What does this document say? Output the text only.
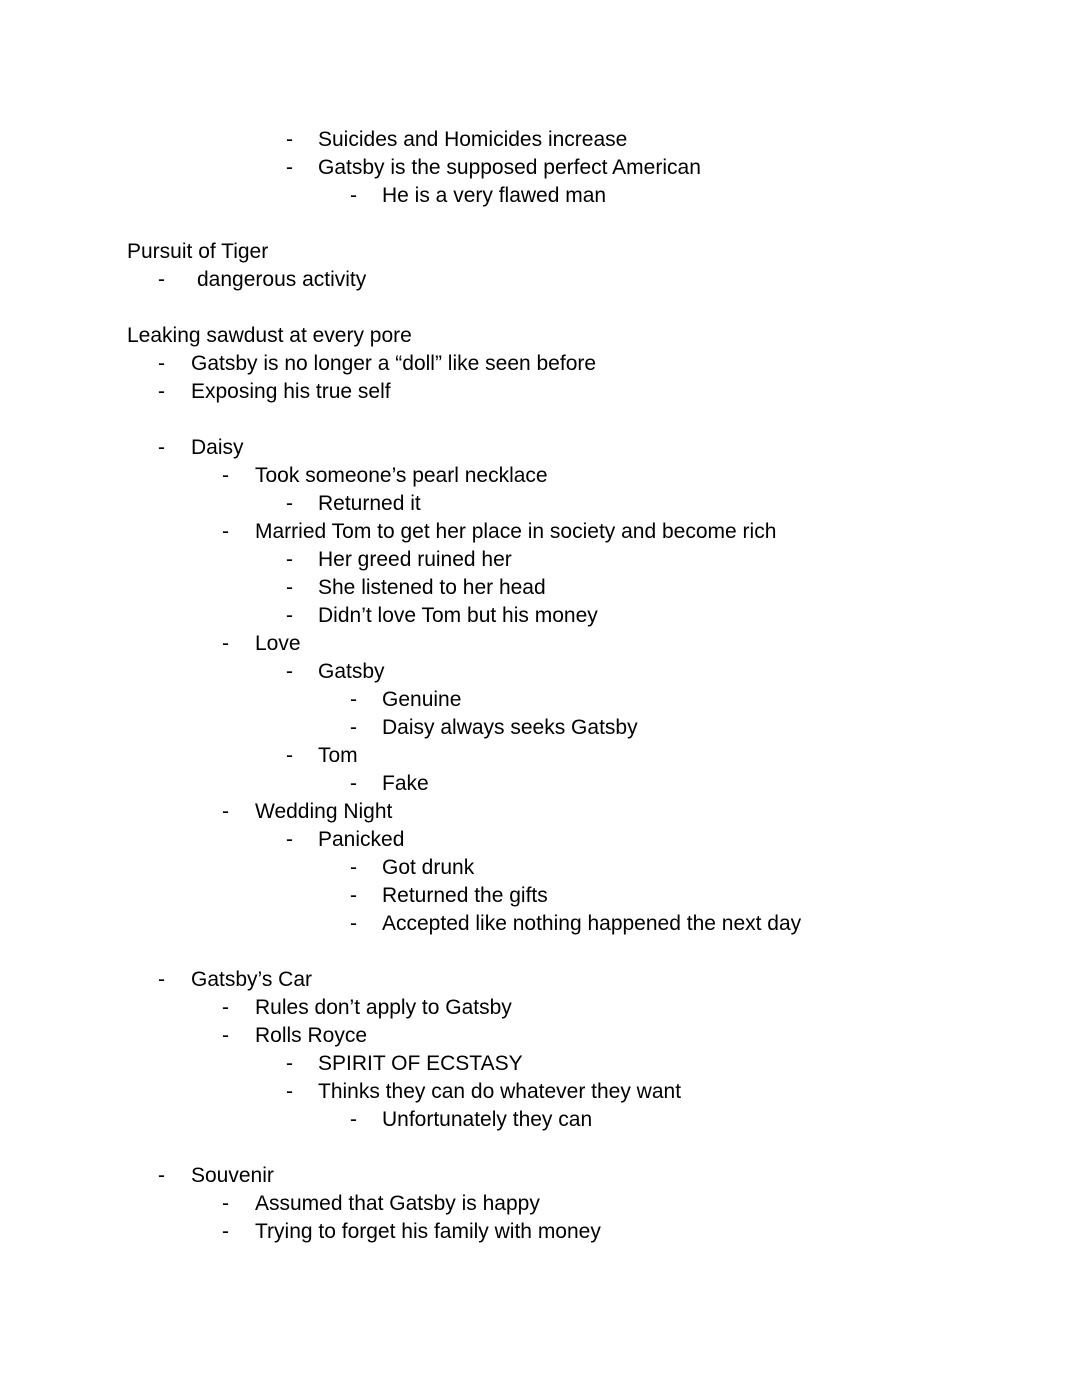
- Suicides and Homicides increase
- Gatsby is the supposed perfect American
- He is a very flawed man
Pursuit of Tiger
- dangerous activity
Leaking sawdust at every pore
- Gatsby is no longer a “doll” like seen before
- Exposing his true self
- Daisy
- Took someone’s pearl necklace
- Returned it
- Married Tom to get her place in society and become rich
- Her greed ruined her
- She listened to her head
- Didn’t love Tom but his money
- Love
- Gatsby
- Genuine
- Daisy always seeks Gatsby
- Tom
- Fake
- Wedding Night
- Panicked
- Got drunk
- Returned the gifts
- Accepted like nothing happened the next day
- Gatsby’s Car
- Rules don’t apply to Gatsby
- Rolls Royce
- SPIRIT OF ECSTASY
- Thinks they can do whatever they want
- Unfortunately they can
- Souvenir
- Assumed that Gatsby is happy
- Trying to forget his family with money
